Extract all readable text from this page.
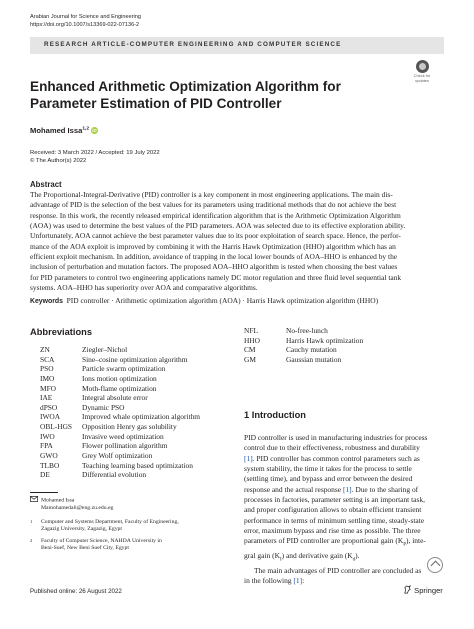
Arabian Journal for Science and Engineering
https://doi.org/10.1007/s13369-022-07136-2
RESEARCH ARTICLE-COMPUTER ENGINEERING AND COMPUTER SCIENCE
Check for
updates
Enhanced Arithmetic Optimization Algorithm for Parameter Estimation of PID Controller
Mohamed Issa$^{1,2}$ iD
Received: 3 March 2022 / Accepted: 19 July 2022
© The Author(s) 2022
Abstract
The Proportional-Integral-Derivative (PID) controller is a key component in most engineering applications. The main dis-
advantage of PID is the selection of the best values for its parameters using traditional methods that do not achieve the best
response. In this work, the recently released empirical identification algorithm that is the Arithmetic Optimization Algorithm
(AOA) was used to determine the best values of the PID parameters. AOA was selected due to its effective exploration ability.
Unfortunately, AOA cannot achieve the best parameter values due to its poor exploitation of search space. Hence, the perfor-
mance of the AOA exploit is improved by combining it with the Harris Hawk Optimization (HHO) algorithm which has an
efficient exploit mechanism. In addition, avoidance of trapping in the local lower bounds of AOA–HHO is enhanced by the
inclusion of perturbation and mutation factors. The proposed AOA–HHO algorithm is tested when choosing the best values
for PID parameters to control two engineering applications namely DC motor regulation and three fluid level sequential tank
systems. AOA–HHO has superiority over AOA and comparative algorithms.
Keywords PID controller · Arithmetic optimization algorithm (AOA) · Harris Hawk optimization algorithm (HHO)
Abbreviations
ZN	Ziegler–Nichol
SCA	Sine–cosine optimization algorithm
PSO	Particle swarm optimization
IMO	Ions motion optimization
MFO	Moth-flame optimization
IAE	Integral absolute error
dPSO	Dynamic PSO
IWOA	Improved whale optimization algorithm
OBL-HGS Opposition Henry gas solubility
IWO	Invasive weed optimization
FPA	Flower pollination algorithm
GWO	Grey Wolf optimization
TLBO	Teaching learning based optimization
DE	Differential evolution
NFL	No-free-lunch
HHO	Harris Hawk optimization
CM	Cauchy mutation
GM	Gaussian mutation
Mohamed Issa
Mamohamedali@eng.zu.edu.eg
1	Computer and Systems Department, Faculty of Engineering,
Zagazig University, Zagazig, Egypt
2	Faculty of Computer Science, NAHDA University in
Beni-Suef, New Beni Suef City, Egypt
1 Introduction
PID controller is used in manufacturing industries for process
control due to their effectiveness, robustness and durability
[1]. PID controller has common control parameters such as
system stability, the time it takes for the process to settle
(settling time), and bypass and error between the desired
response and the actual response [1]. Due to the sharing of
processes in factories, parameter setting is an important task,
and proper configuration allows to obtain efficient transient
performance in terms of minimum settling time, steady-state
error, maximum bypass and rise time as possible. The three
parameters of PID controller are proportional gain $(K_P)$, inte-
gral gain $(K_I)$ and derivative gain $(K_d)$.
The main advantages of PID controller are concluded as
in the following [1]:
Published online: 26 August 2022	Springer
